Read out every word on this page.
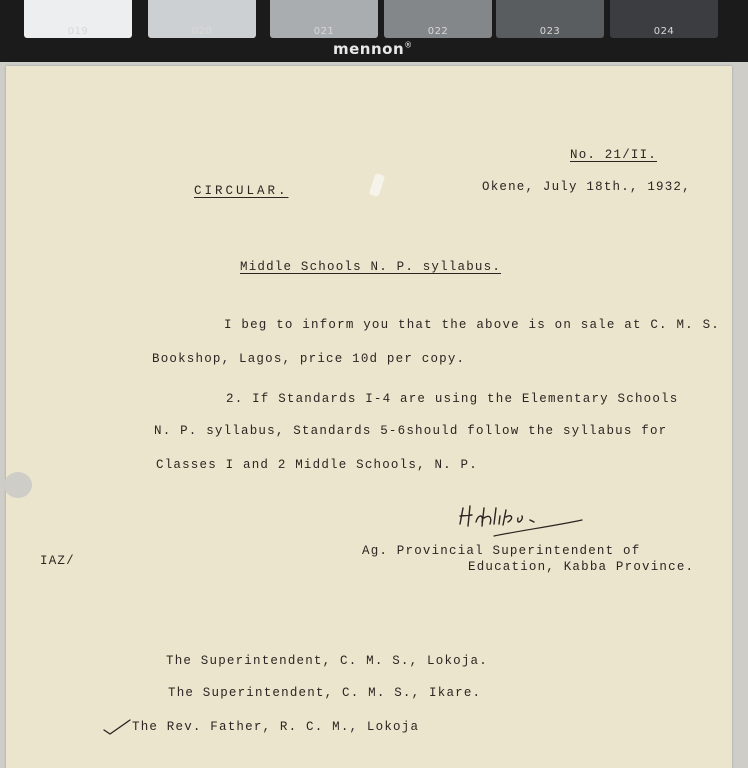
019	020	021	022	023	024
mennon®
No. 21/II.
CIRCULAR.	Okene, July 18th., 1932,
Middle Schools N. P. syllabus.
I beg to inform you that the above is on sale at C. M. S.
Bookshop, Lagos, price 10d per copy.
2. If Standards I-4 are using the Elementary Schools
N. P. syllabus, Standards 5-6should follow the syllabus for
Classes I and 2 Middle Schools, N. P.
IAZ/
Ag. Provincial Superintendent of
Education, Kabba Province.
The Superintendent, C. M. S., Lokoja.
The Superintendent, C. M. S., Ikare.
The Rev. Father, R. C. M., Lokoja
